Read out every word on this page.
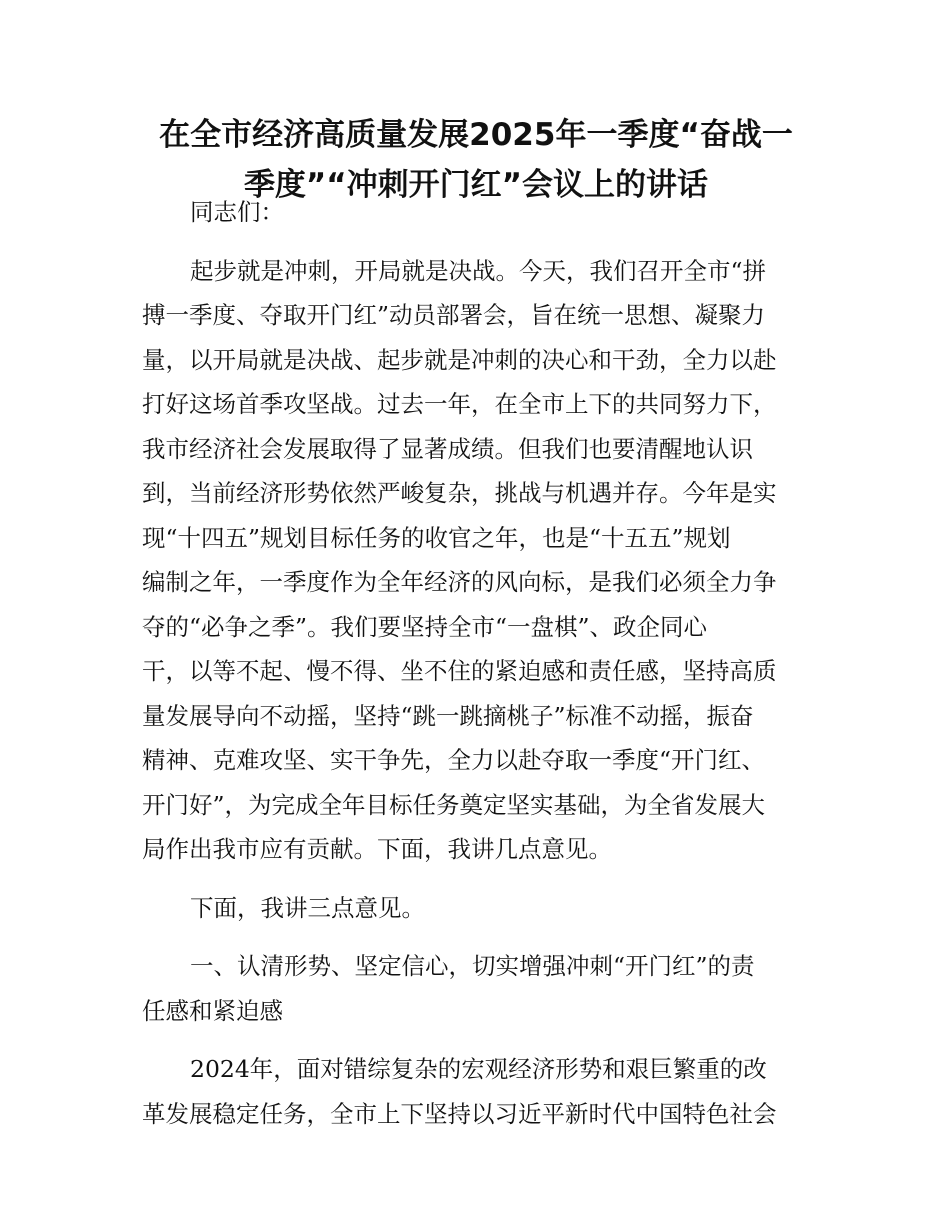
在全市经济高质量发展2025年一季度“奋战一
季度”“冲刺开门红”会议上的讲话

同志们：

起步就是冲刺，开局就是决战。今天，我们召开全市“拼
搏一季度、夺取开门红”动员部署会，旨在统一思想、凝聚力
量，以开局就是决战、起步就是冲刺的决心和干劲，全力以赴
打好这场首季攻坚战。过去一年，在全市上下的共同努力下，
我市经济社会发展取得了显著成绩。但我们也要清醒地认识
到，当前经济形势依然严峻复杂，挑战与机遇并存。今年是实
现“十四五”规划目标任务的收官之年，也是“十五五”规划
编制之年，一季度作为全年经济的风向标，是我们必须全力争
夺的“必争之季”。我们要坚持全市“一盘棋”、政企同心
干，以等不起、慢不得、坐不住的紧迫感和责任感，坚持高质
量发展导向不动摇，坚持“跳一跳摘桃子”标准不动摇，振奋
精神、克难攻坚、实干争先，全力以赴夺取一季度“开门红、
开门好”，为完成全年目标任务奠定坚实基础，为全省发展大
局作出我市应有贡献。下面，我讲几点意见。

下面，我讲三点意见。

一、认清形势、坚定信心，切实增强冲刺“开门红”的责
任感和紧迫感

2024年，面对错综复杂的宏观经济形势和艰巨繁重的改
革发展稳定任务，全市上下坚持以习近平新时代中国特色社会
